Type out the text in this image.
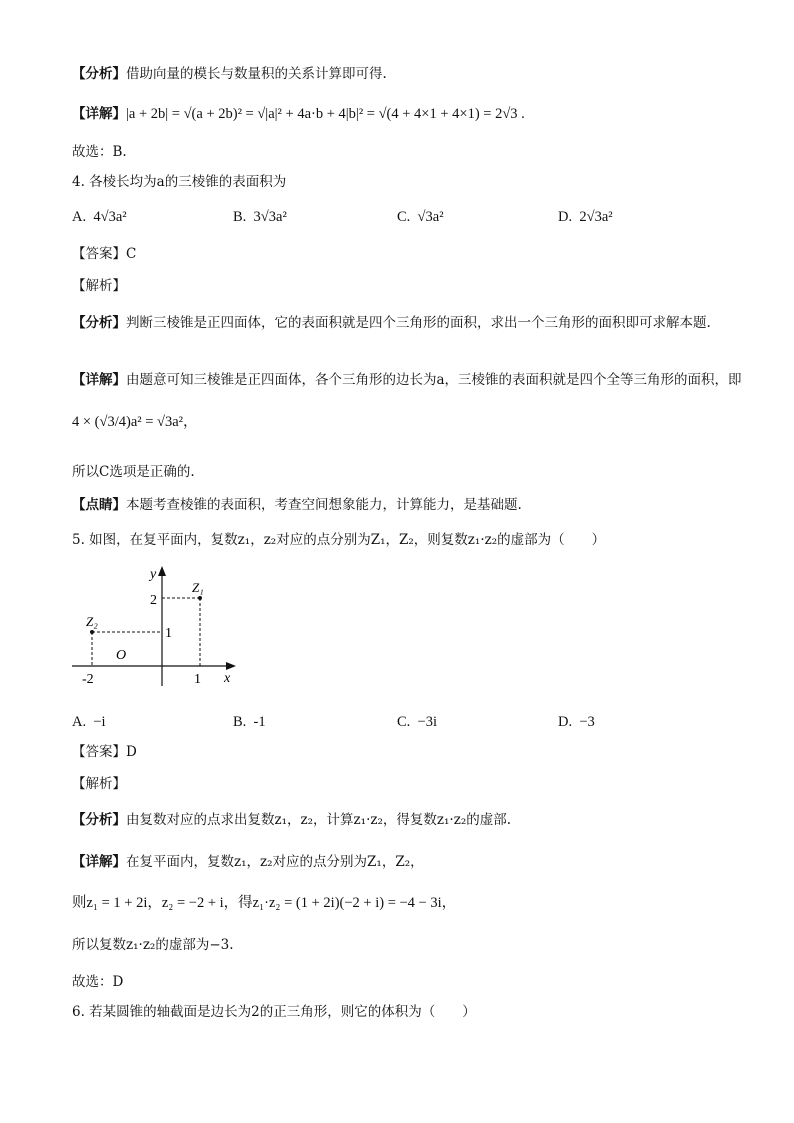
【分析】借助向量的模长与数量积的关系计算即可得.
【详解】|a + 2b| = √(a + 2b)² = √|a|² + 4a·b + 4|b|² = √(4 + 4×1 + 4×1) = 2√3 .
故选：B.
4. 各棱长均为a的三棱锥的表面积为
A. 4√3a²	B. 3√3a²	C. √3a²	D. 2√3a²
【答案】C
【解析】
【分析】判断三棱锥是正四面体，它的表面积就是四个三角形的面积，求出一个三角形的面积即可求解本题.
【详解】由题意可知三棱锥是正四面体，各个三角形的边长为a，三棱锥的表面积就是四个全等三角形的面积，即
4 × (√3/4)a² = √3a²，
所以C选项是正确的.
【点睛】本题考查棱锥的表面积，考查空间想象能力，计算能力，是基础题.
5. 如图，在复平面内，复数z₁，z₂对应的点分别为Z₁，Z₂，则复数z₁·z₂的虚部为（　　）
y
x
2
1
O
-2	1
Z₁
Z₂
A. −i	B. -1	C. −3i	D. −3
【答案】D
【解析】
【分析】由复数对应的点求出复数z₁，z₂，计算z₁·z₂，得复数z₁·z₂的虚部.
【详解】在复平面内，复数z₁，z₂对应的点分别为Z₁，Z₂，
则z₁ = 1 + 2i，z₂ = −2 + i，得z₁·z₂ = (1 + 2i)(−2 + i) = −4 − 3i，
所以复数z₁·z₂的虚部为−3.
故选：D
6. 若某圆锥的轴截面是边长为2的正三角形，则它的体积为（　　）
